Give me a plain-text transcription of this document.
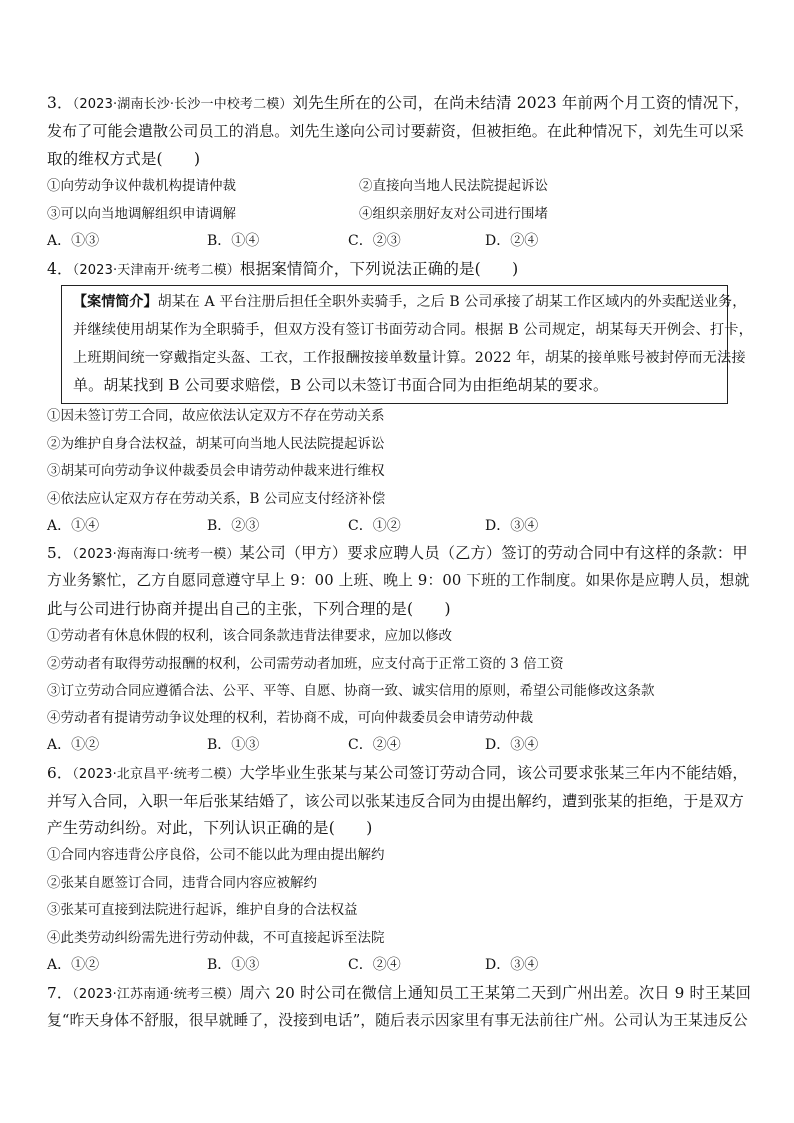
3．（2023·湖南长沙·长沙一中校考二模）刘先生所在的公司，在尚未结清 2023 年前两个月工资的情况下，
发布了可能会遣散公司员工的消息。刘先生遂向公司讨要薪资，但被拒绝。在此种情况下，刘先生可以采
取的维权方式是(　　)
①向劳动争议仲裁机构提请仲裁	②直接向当地人民法院提起诉讼
③可以向当地调解组织申请调解	④组织亲朋好友对公司进行围堵
A．①③	B．①④	C．②③	D．②④
4．（2023·天津南开·统考二模）根据案情简介，下列说法正确的是(　　)
【案情简介】胡某在 A 平台注册后担任全职外卖骑手，之后 B 公司承接了胡某工作区域内的外卖配送业务，
并继续使用胡某作为全职骑手，但双方没有签订书面劳动合同。根据 B 公司规定，胡某每天开例会、打卡，
上班期间统一穿戴指定头盔、工衣，工作报酬按接单数量计算。2022 年，胡某的接单账号被封停而无法接
单。胡某找到 B 公司要求赔偿，B 公司以未签订书面合同为由拒绝胡某的要求。
①因未签订劳工合同，故应依法认定双方不存在劳动关系
②为维护自身合法权益，胡某可向当地人民法院提起诉讼
③胡某可向劳动争议仲裁委员会申请劳动仲裁来进行维权
④依法应认定双方存在劳动关系，B 公司应支付经济补偿
A．①④	B．②③	C．①②	D．③④
5．（2023·海南海口·统考一模）某公司（甲方）要求应聘人员（乙方）签订的劳动合同中有这样的条款：甲
方业务繁忙，乙方自愿同意遵守早上 9：00 上班、晚上 9：00 下班的工作制度。如果你是应聘人员，想就
此与公司进行协商并提出自己的主张，下列合理的是(　　)
①劳动者有休息休假的权利，该合同条款违背法律要求，应加以修改
②劳动者有取得劳动报酬的权利，公司需劳动者加班，应支付高于正常工资的 3 倍工资
③订立劳动合同应遵循合法、公平、平等、自愿、协商一致、诚实信用的原则，希望公司能修改这条款
④劳动者有提请劳动争议处理的权利，若协商不成，可向仲裁委员会申请劳动仲裁
A．①②	B．①③	C．②④	D．③④
6．（2023·北京昌平·统考二模）大学毕业生张某与某公司签订劳动合同，该公司要求张某三年内不能结婚，
并写入合同，入职一年后张某结婚了，该公司以张某违反合同为由提出解约，遭到张某的拒绝，于是双方
产生劳动纠纷。对此，下列认识正确的是(　　)
①合同内容违背公序良俗，公司不能以此为理由提出解约
②张某自愿签订合同，违背合同内容应被解约
③张某可直接到法院进行起诉，维护自身的合法权益
④此类劳动纠纷需先进行劳动仲裁，不可直接起诉至法院
A．①②	B．①③	C．②④	D．③④
7．（2023·江苏南通·统考三模）周六 20 时公司在微信上通知员工王某第二天到广州出差。次日 9 时王某回
复“昨天身体不舒服，很早就睡了，没接到电话”，随后表示因家里有事无法前往广州。公司认为王某违反公
